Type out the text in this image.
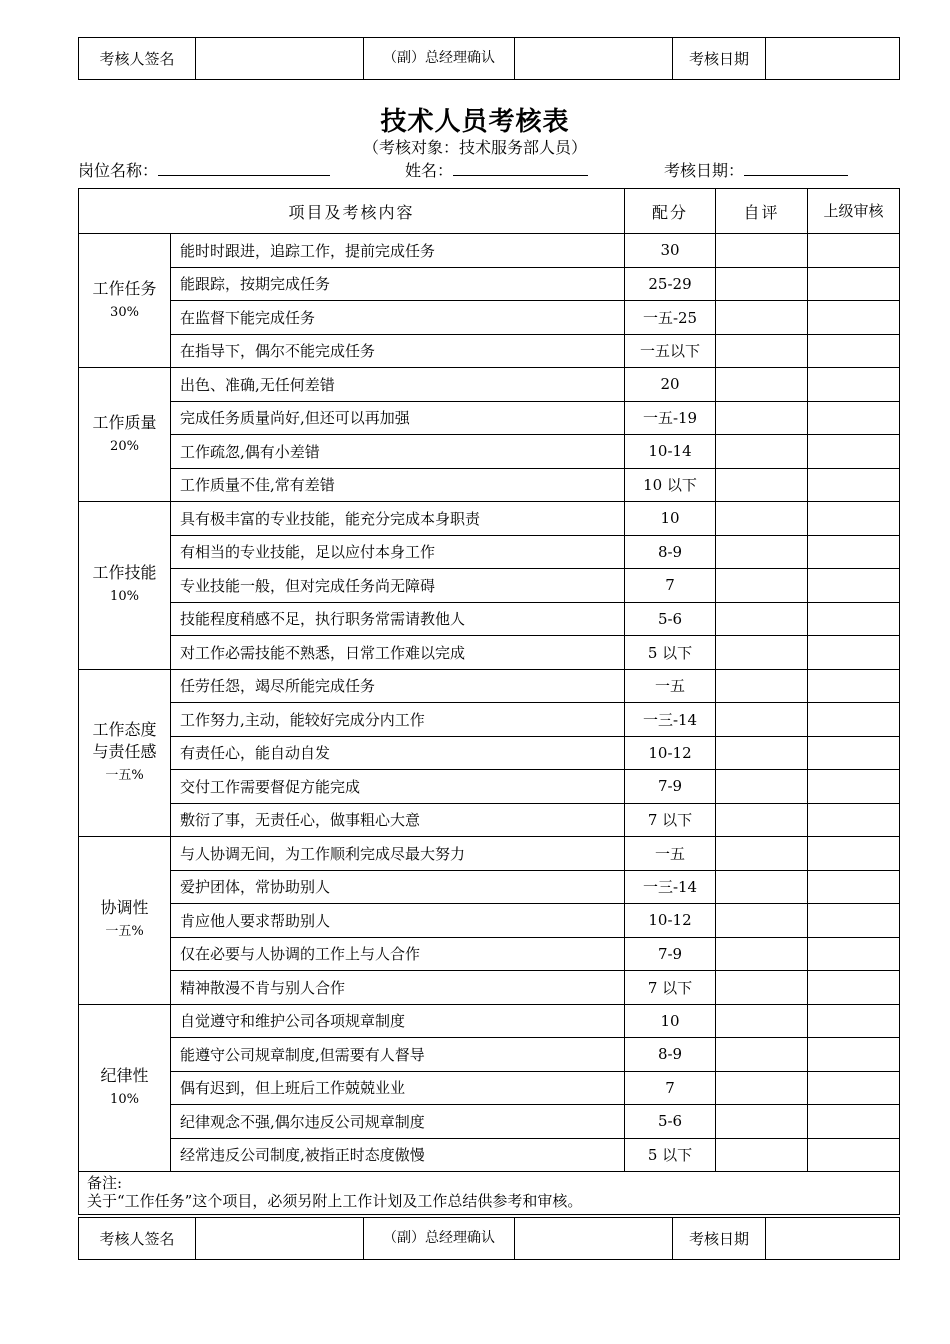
考核人签名		（副）总经理确认		考核日期	
技术人员考核表
（考核对象：技术服务部人员）
岗位名称：	姓名：	考核日期：
项目及考核内容		配分	自评	上级审核
工作任务
30%	能时时跟进，追踪工作，提前完成任务	30		
	能跟踪，按期完成任务	25-29		
	在监督下能完成任务	一五-25		
	在指导下，偶尔不能完成任务	一五以下		
工作质量
20%	出色、准确,无任何差错	20		
	完成任务质量尚好,但还可以再加强	一五-19		
	工作疏忽,偶有小差错	10-14		
	工作质量不佳,常有差错	10 以下		
工作技能
10%	具有极丰富的专业技能，能充分完成本身职责	10		
	有相当的专业技能，足以应付本身工作	8-9		
	专业技能一般，但对完成任务尚无障碍	7		
	技能程度稍感不足，执行职务常需请教他人	5-6		
	对工作必需技能不熟悉，日常工作难以完成	5 以下		
工作态度
与责任感
一五%	任劳任怨，竭尽所能完成任务	一五		
	工作努力,主动，能较好完成分内工作	一三-14		
	有责任心，能自动自发	10-12		
	交付工作需要督促方能完成	7-9		
	敷衍了事，无责任心，做事粗心大意	7 以下		
协调性
一五%	与人协调无间，为工作顺利完成尽最大努力	一五		
	爱护团体，常协助别人	一三-14		
	肯应他人要求帮助别人	10-12		
	仅在必要与人协调的工作上与人合作	7-9		
	精神散漫不肯与别人合作	7 以下		
纪律性
10%	自觉遵守和维护公司各项规章制度	10		
	能遵守公司规章制度,但需要有人督导	8-9		
	偶有迟到，但上班后工作兢兢业业	7		
	纪律观念不强,偶尔违反公司规章制度	5-6		
	经常违反公司制度,被指正时态度傲慢	5 以下		

备注:
关于“工作任务”这个项目，必须另附上工作计划及工作总结供参考和审核。				
考核人签名		（副）总经理确认		考核日期	
